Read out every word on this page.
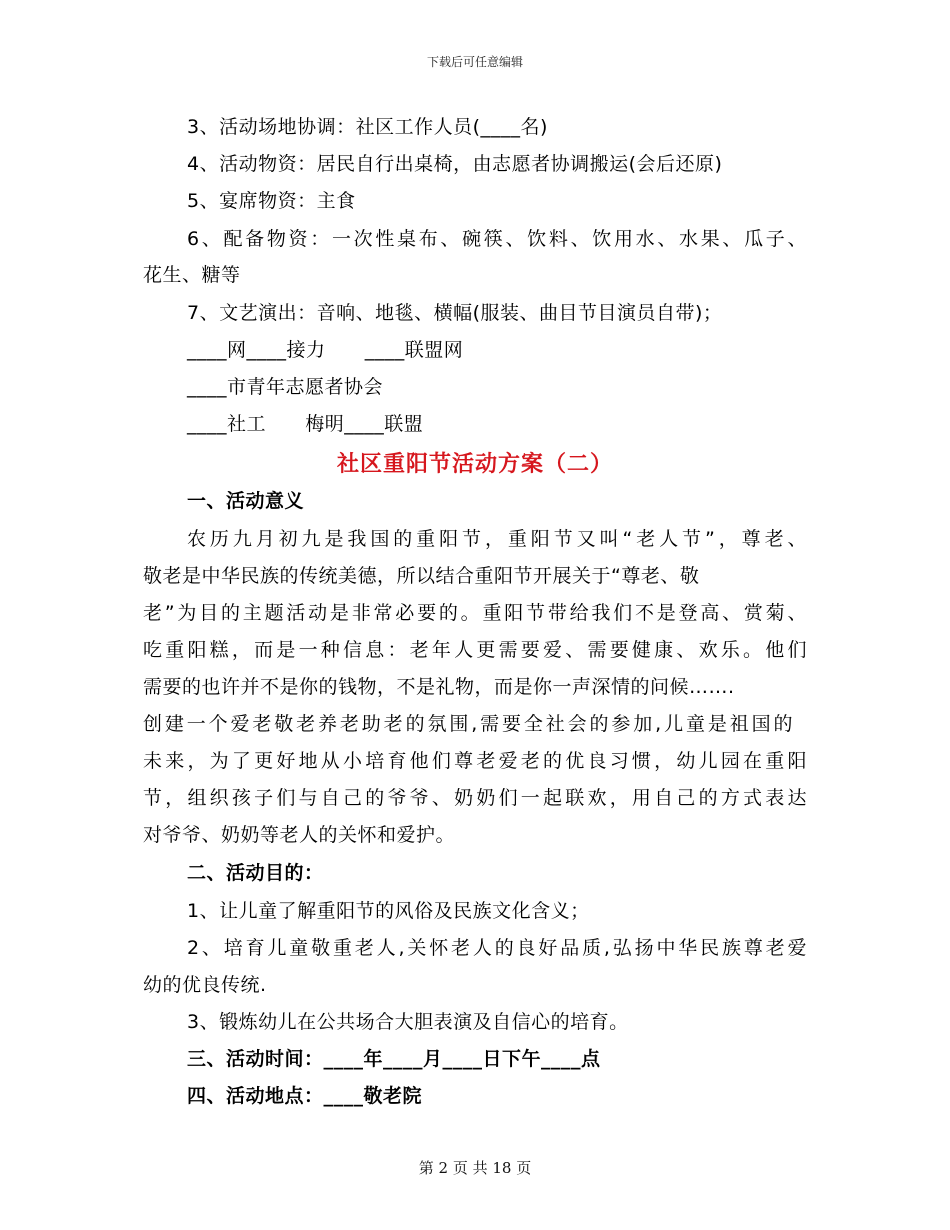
下载后可任意编辑
3、活动场地协调：社区工作人员(____名)
4、活动物资：居民自行出桌椅，由志愿者协调搬运(会后还原)
5、宴席物资：主食
6、配备物资：一次性桌布、碗筷、饮料、饮用水、水果、瓜子、
花生、糖等
7、文艺演出：音响、地毯、横幅(服装、曲目节目演员自带)；
____网____接力      ____联盟网
____市青年志愿者协会
____社工      梅明____联盟
社区重阳节活动方案（二）
一、活动意义
农历九月初九是我国的重阳节，重阳节又叫“老人节”，尊老、
敬老是中华民族的传统美德，所以结合重阳节开展关于“尊老、敬
老”为目的主题活动是非常必要的。重阳节带给我们不是登高、赏菊、
吃重阳糕，而是一种信息：老年人更需要爱、需要健康、欢乐。他们
需要的也许并不是你的钱物，不是礼物，而是你一声深情的问候…….
创建一个爱老敬老养老助老的氛围,需要全社会的参加,儿童是祖国的
未来，为了更好地从小培育他们尊老爱老的优良习惯，幼儿园在重阳
节，组织孩子们与自己的爷爷、奶奶们一起联欢，用自己的方式表达
对爷爷、奶奶等老人的关怀和爱护。
二、活动目的：
1、让儿童了解重阳节的风俗及民族文化含义；
2、培育儿童敬重老人,关怀老人的良好品质,弘扬中华民族尊老爱
幼的优良传统.
3、锻炼幼儿在公共场合大胆表演及自信心的培育。
三、活动时间：____年____月____日下午____点
四、活动地点：____敬老院
第 2 页 共 18 页
